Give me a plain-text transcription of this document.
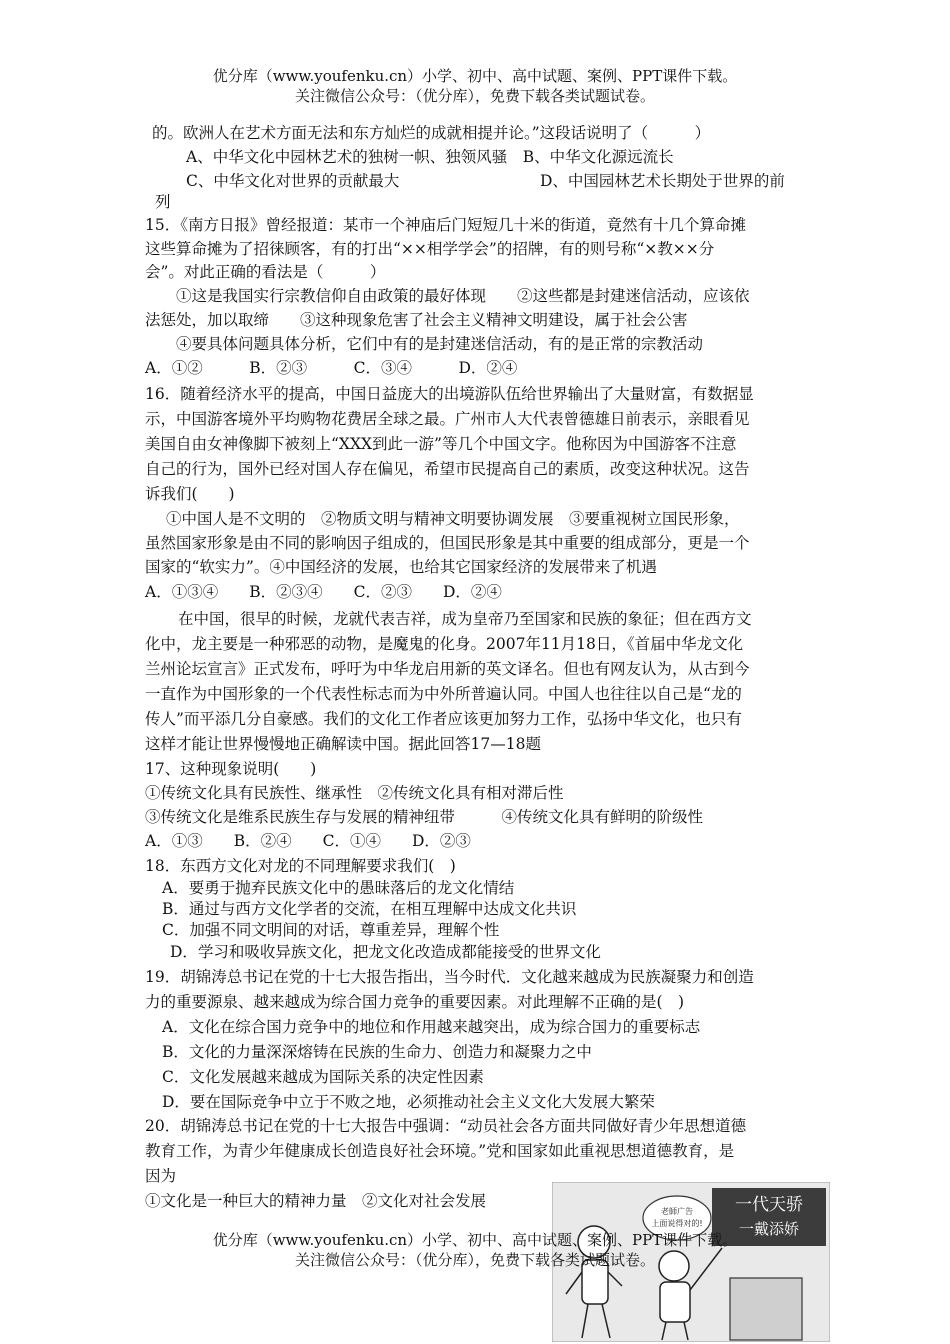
优分库（www.youfenku.cn）小学、初中、高中试题、案例、PPT课件下载。
关注微信公众号：（优分库），免费下载各类试题试卷。
的。欧洲人在艺术方面无法和东方灿烂的成就相提并论。”这段话说明了（　　　）
A、中华文化中园林艺术的独树一帜、独领风骚　B、中华文化源远流长
C、中华文化对世界的贡献最大	D、中国园林艺术长期处于世界的前
列
15．《南方日报》曾经报道：某市一个神庙后门短短几十米的街道，竟然有十几个算命摊
这些算命摊为了招徕顾客，有的打出“××相学学会”的招牌，有的则号称“×教××分
会”。对此正确的看法是（　　　）
①这是我国实行宗教信仰自由政策的最好体现　　②这些都是封建迷信活动，应该依
法惩处，加以取缔　　③这种现象危害了社会主义精神文明建设，属于社会公害
④要具体问题具体分析，它们中有的是封建迷信活动，有的是正常的宗教活动
A．①②　　　B．②③　　　C．③④　　　D．②④
16．随着经济水平的提高，中国日益庞大的出境游队伍给世界输出了大量财富，有数据显
示，中国游客境外平均购物花费居全球之最。广州市人大代表曾德雄日前表示，亲眼看见
美国自由女神像脚下被刻上“XXX到此一游”等几个中国文字。他称因为中国游客不注意
自己的行为，国外已经对国人存在偏见，希望市民提高自己的素质，改变这种状况。这告
诉我们(　　)
①中国人是不文明的　②物质文明与精神文明要协调发展　③要重视树立国民形象，
虽然国家形象是由不同的影响因子组成的，但国民形象是其中重要的组成部分，更是一个
国家的“软实力”。④中国经济的发展，也给其它国家经济的发展带来了机遇
A．①③④　　B．②③④　　C．②③　　D．②④
在中国，很早的时候，龙就代表吉祥，成为皇帝乃至国家和民族的象征；但在西方文
化中，龙主要是一种邪恶的动物，是魔鬼的化身。2007年11月18日，《首届中华龙文化
兰州论坛宣言》正式发布，呼吁为中华龙启用新的英文译名。但也有网友认为，从古到今
一直作为中国形象的一个代表性标志而为中外所普遍认同。中国人也往往以自己是“龙的
传人”而平添几分自豪感。我们的文化工作者应该更加努力工作，弘扬中华文化，也只有
这样才能让世界慢慢地正确解读中国。据此回答17—18题
17、这种现象说明(　　)
①传统文化具有民族性、继承性　②传统文化具有相对滞后性
③传统文化是维系民族生存与发展的精神纽带　　　④传统文化具有鲜明的阶级性
A．①③　　B．②④　　C．①④　　D．②③
18．东西方文化对龙的不同理解要求我们(　)
A．要勇于抛弃民族文化中的愚昧落后的龙文化情结
B．通过与西方文化学者的交流，在相互理解中达成文化共识
C．加强不同文明间的对话，尊重差异，理解个性
D．学习和吸收异族文化，把龙文化改造成都能接受的世界文化
19．胡锦涛总书记在党的十七大报告指出，当今时代．文化越来越成为民族凝聚力和创造
力的重要源泉、越来越成为综合国力竞争的重要因素。对此理解不正确的是(　)
A．文化在综合国力竞争中的地位和作用越来越突出，成为综合国力的重要标志
B．文化的力量深深熔铸在民族的生命力、创造力和凝聚力之中
C．文化发展越来越成为国际关系的决定性因素
D．要在国际竞争中立于不败之地，必须推动社会主义文化大发展大繁荣
20．胡锦涛总书记在党的十七大报告中强调：“动员社会各方面共同做好青少年思想道德
教育工作，为青少年健康成长创造良好社会环境。”党和国家如此重视思想道德教育，是
因为
①文化是一种巨大的精神力量　②文化对社会发展	一代天骄
一戴添娇
老師广告
上面说得对的!
优分库（www.youfenku.cn）小学、初中、高中试题、案例、PPT课件下载。
关注微信公众号：（优分库），免费下载各类试题试卷。
